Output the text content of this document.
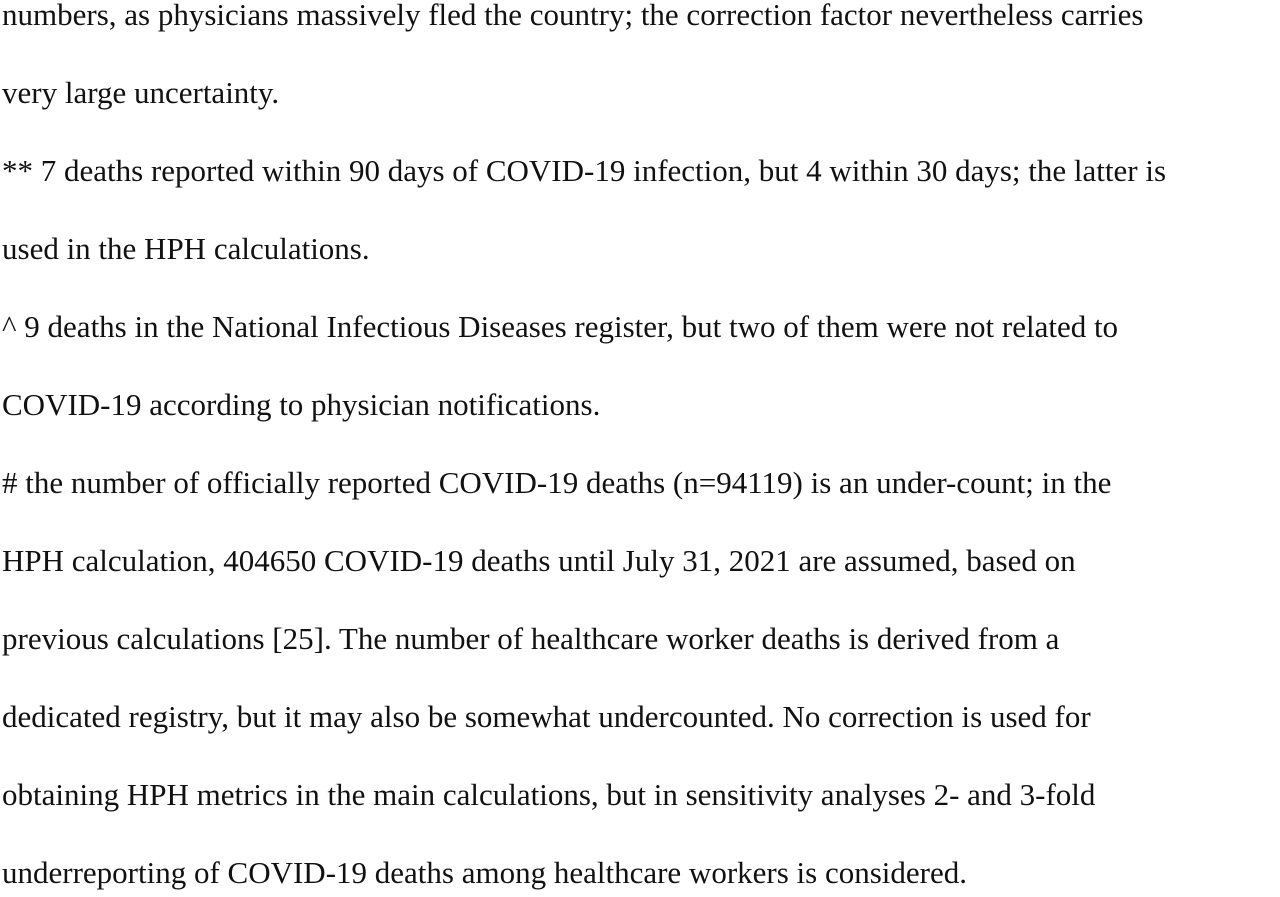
numbers, as physicians massively fled the country; the correction factor nevertheless carries
very large uncertainty.
** 7 deaths reported within 90 days of COVID-19 infection, but 4 within 30 days; the latter is
used in the HPH calculations.
^ 9 deaths in the National Infectious Diseases register, but two of them were not related to
COVID-19 according to physician notifications.
# the number of officially reported COVID-19 deaths (n=94119) is an under-count; in the
HPH calculation, 404650 COVID-19 deaths until July 31, 2021 are assumed, based on
previous calculations [25]. The number of healthcare worker deaths is derived from a
dedicated registry, but it may also be somewhat undercounted. No correction is used for
obtaining HPH metrics in the main calculations, but in sensitivity analyses 2- and 3-fold
underreporting of COVID-19 deaths among healthcare workers is considered.
